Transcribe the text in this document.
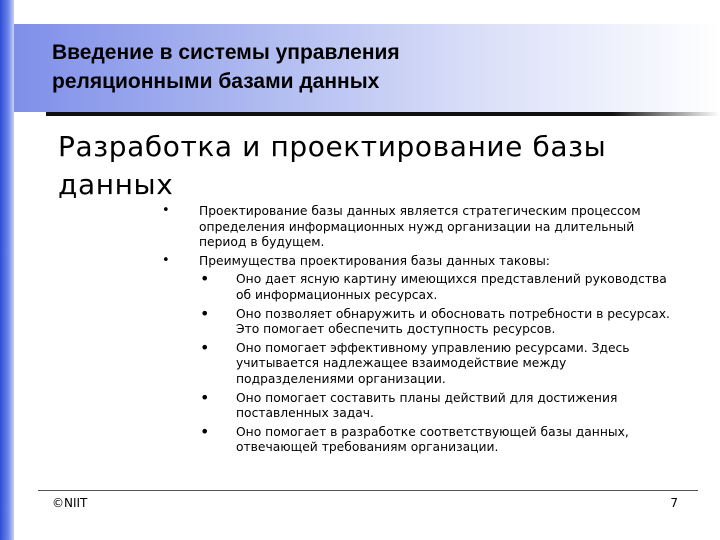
Введение в системы управления
реляционными базами данных
Разработка и проектирование базы
данных
• Проектирование базы данных является стратегическим процессом определения информационных нужд организации на длительный период в будущем.
• Преимущества проектирования базы данных таковы:
• Оно дает ясную картину имеющихся представлений руководства об информационных ресурсах.
• Оно позволяет обнаружить и обосновать потребности в ресурсах. Это помогает обеспечить доступность ресурсов.
• Оно помогает эффективному управлению ресурсами. Здесь учитывается надлежащее взаимодействие между подразделениями организации.
• Оно помогает составить планы действий для достижения поставленных задач.
• Оно помогает в разработке соответствующей базы данных, отвечающей требованиям организации.
©NIIT	7
